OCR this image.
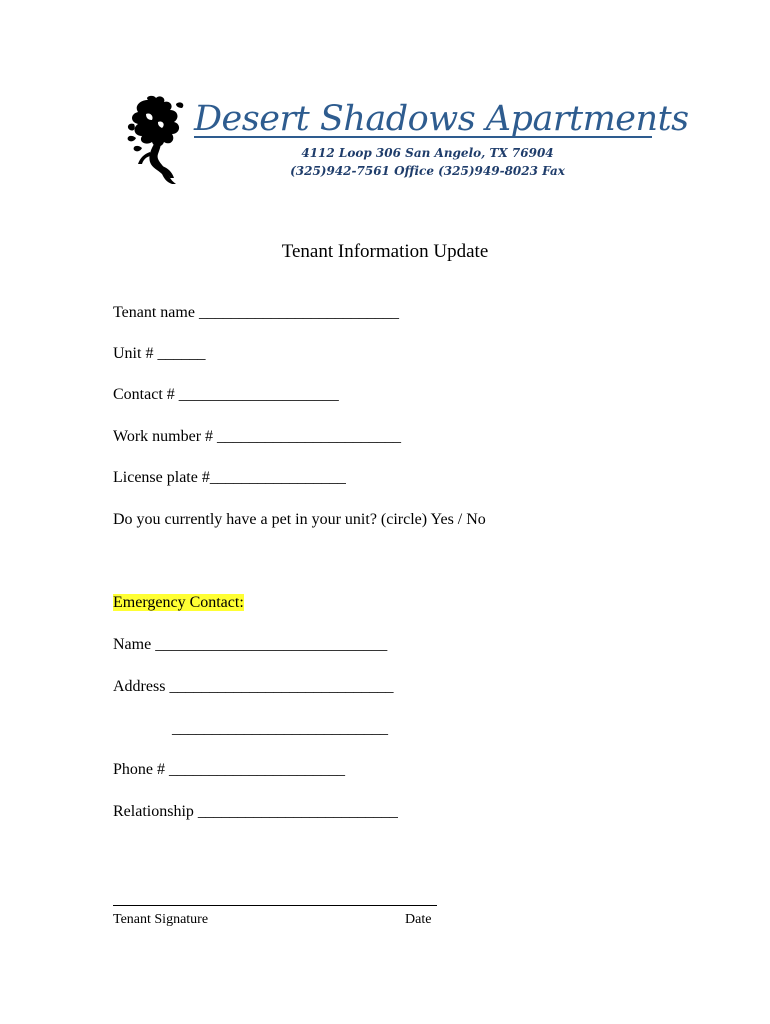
Desert Shadows Apartments
4112 Loop 306 San Angelo, TX 76904
(325)942-7561 Office (325)949-8023 Fax
Tenant Information Update
Tenant name _________________________
Unit # ______
Contact # ____________________
Work number # _______________________
License plate #_________________
Do you currently have a pet in your unit? (circle) Yes / No
Emergency Contact:
Name _____________________________
Address ____________________________
___________________________
Phone # ______________________
Relationship _________________________
Tenant Signature	Date
